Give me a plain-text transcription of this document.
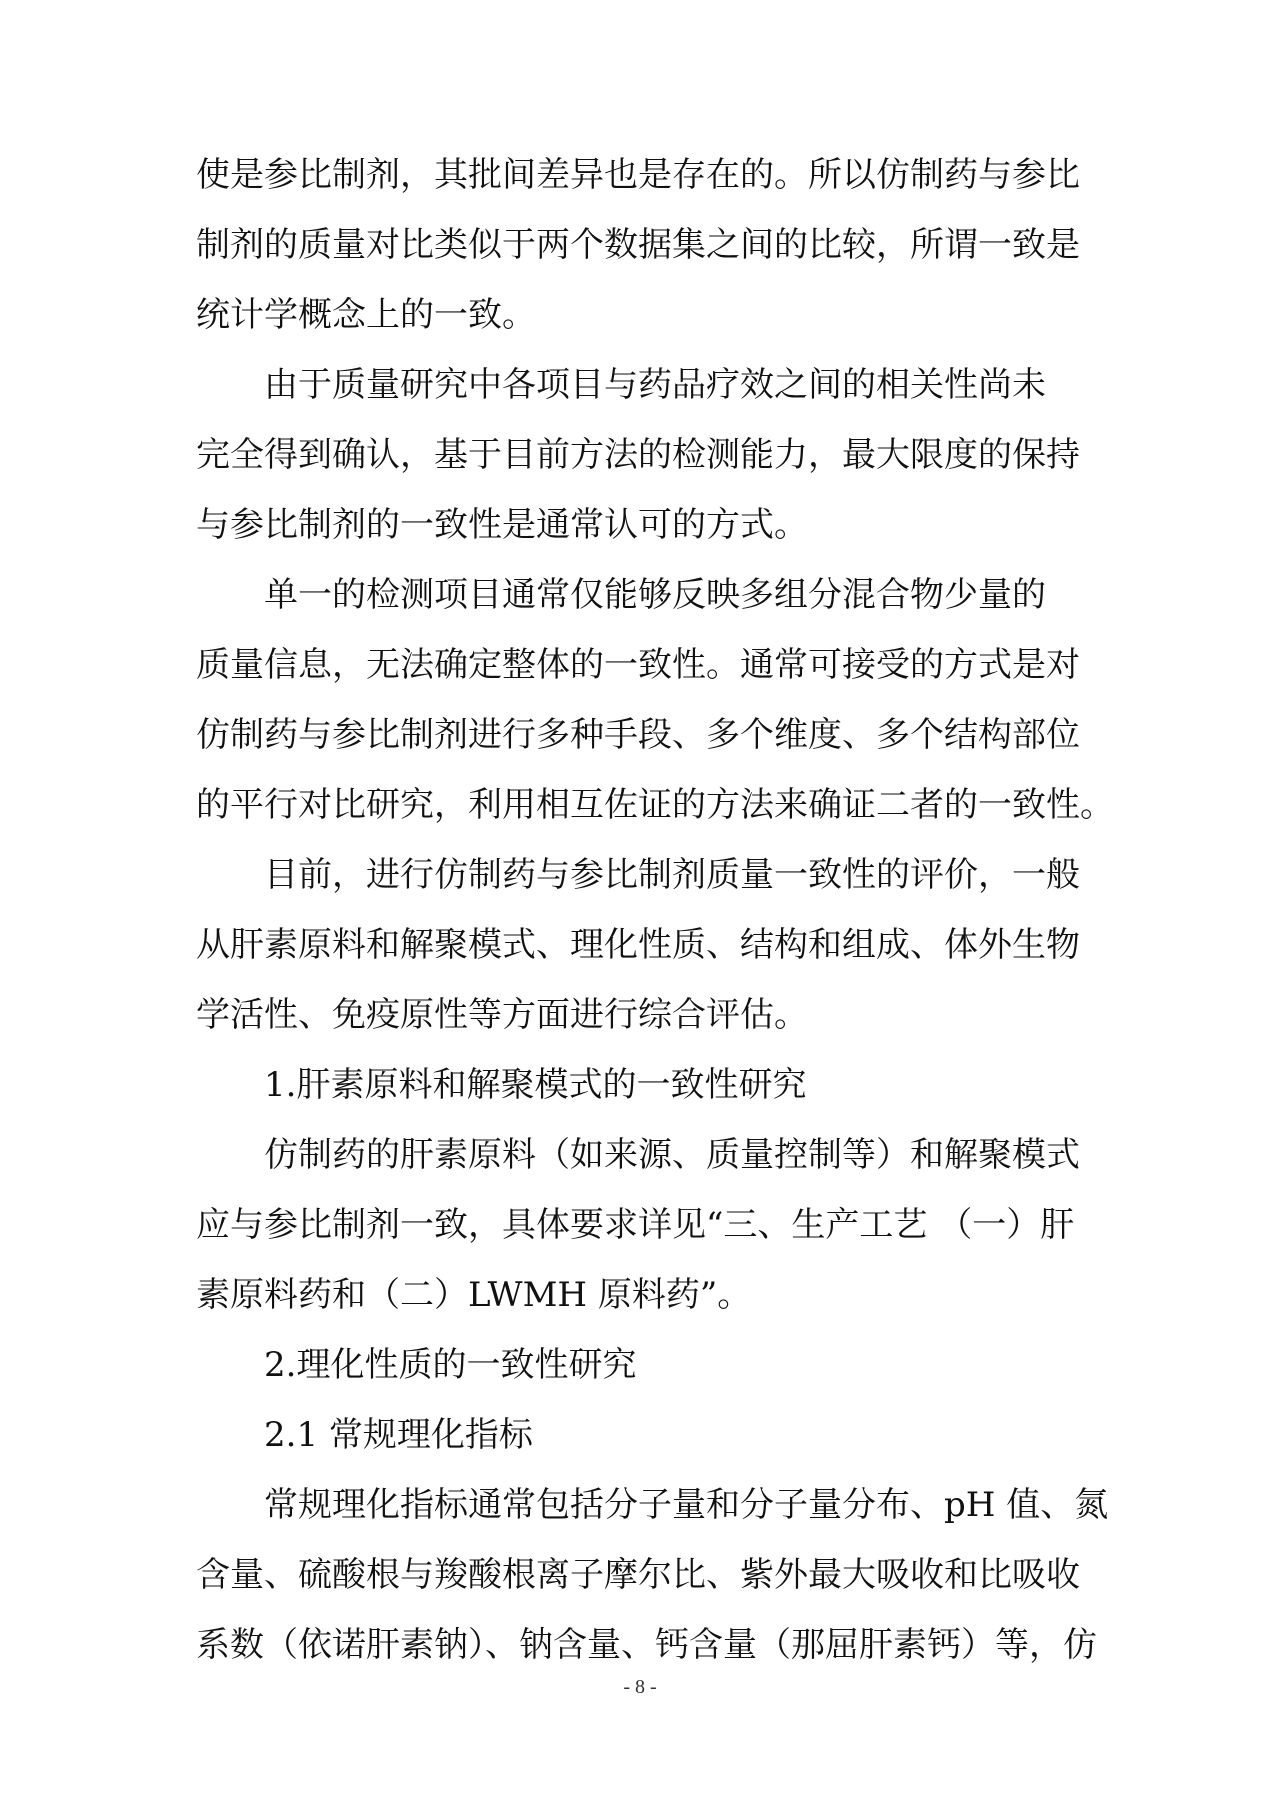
使是参比制剂，其批间差异也是存在的。所以仿制药与参比
制剂的质量对比类似于两个数据集之间的比较，所谓一致是
统计学概念上的一致。
由于质量研究中各项目与药品疗效之间的相关性尚未
完全得到确认，基于目前方法的检测能力，最大限度的保持
与参比制剂的一致性是通常认可的方式。
单一的检测项目通常仅能够反映多组分混合物少量的
质量信息，无法确定整体的一致性。通常可接受的方式是对
仿制药与参比制剂进行多种手段、多个维度、多个结构部位
的平行对比研究，利用相互佐证的方法来确证二者的一致性。
目前，进行仿制药与参比制剂质量一致性的评价，一般
从肝素原料和解聚模式、理化性质、结构和组成、体外生物
学活性、免疫原性等方面进行综合评估。
1.肝素原料和解聚模式的一致性研究
仿制药的肝素原料（如来源、质量控制等）和解聚模式
应与参比制剂一致，具体要求详见“三、生产工艺 （一）肝
素原料药和（二）LWMH 原料药”。
2.理化性质的一致性研究
2.1 常规理化指标
常规理化指标通常包括分子量和分子量分布、pH 值、氮
含量、硫酸根与羧酸根离子摩尔比、紫外最大吸收和比吸收
系数（依诺肝素钠）、钠含量、钙含量（那屈肝素钙）等，仿
- 8 -
